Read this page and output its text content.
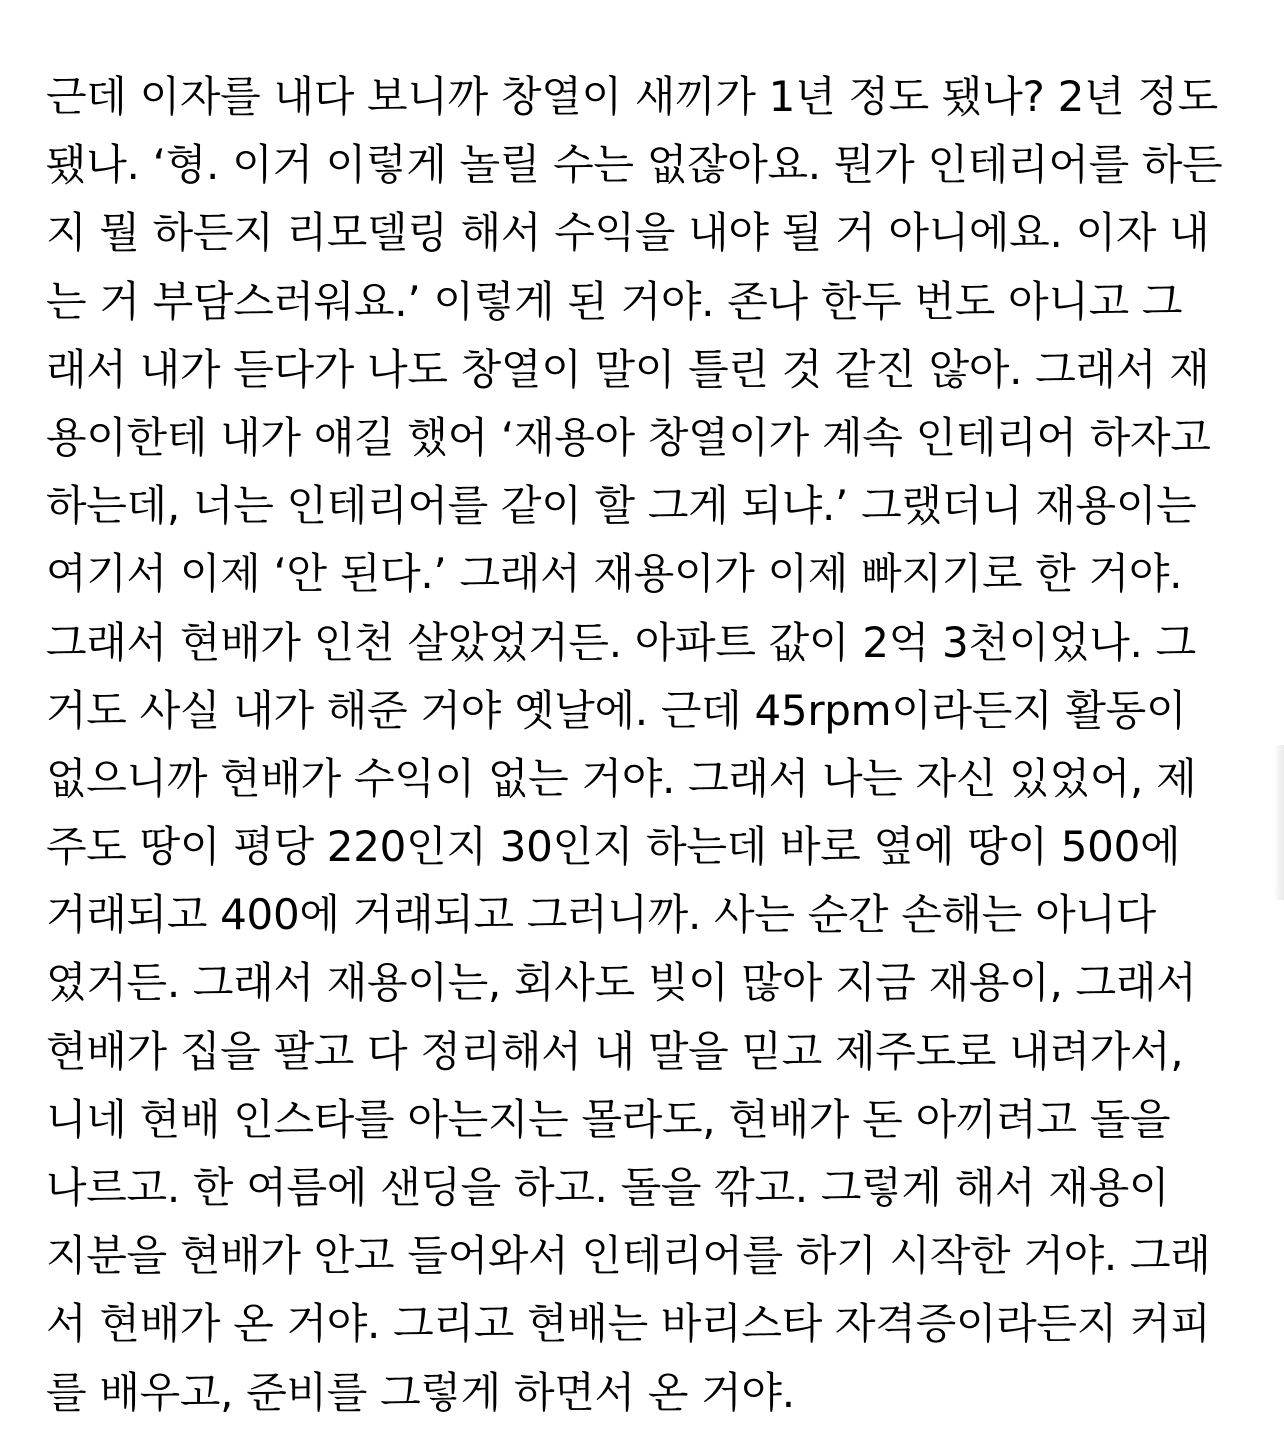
근데 이자를 내다 보니까 창열이 새끼가 1년 정도 됐나? 2년 정도
됐나. ‘형. 이거 이렇게 놀릴 수는 없잖아요. 뭔가 인테리어를 하든
지 뭘 하든지 리모델링 해서 수익을 내야 될 거 아니에요. 이자 내
는 거 부담스러워요.’ 이렇게 된 거야. 존나 한두 번도 아니고 그
래서 내가 듣다가 나도 창열이 말이 틀린 것 같진 않아. 그래서 재
용이한테 내가 얘길 했어 ‘재용아 창열이가 계속 인테리어 하자고
하는데, 너는 인테리어를 같이 할 그게 되냐.’ 그랬더니 재용이는
여기서 이제 ‘안 된다.’ 그래서 재용이가 이제 빠지기로 한 거야.
그래서 현배가 인천 살았었거든. 아파트 값이 2억 3천이었나. 그
거도 사실 내가 해준 거야 옛날에. 근데 45rpm이라든지 활동이
없으니까 현배가 수익이 없는 거야. 그래서 나는 자신 있었어, 제
주도 땅이 평당 220인지 30인지 하는데 바로 옆에 땅이 500에
거래되고 400에 거래되고 그러니까. 사는 순간 손해는 아니다
였거든. 그래서 재용이는, 회사도 빚이 많아 지금 재용이, 그래서
현배가 집을 팔고 다 정리해서 내 말을 믿고 제주도로 내려가서,
니네 현배 인스타를 아는지는 몰라도, 현배가 돈 아끼려고 돌을
나르고. 한 여름에 샌딩을 하고. 돌을 깎고. 그렇게 해서 재용이
지분을 현배가 안고 들어와서 인테리어를 하기 시작한 거야. 그래
서 현배가 온 거야. 그리고 현배는 바리스타 자격증이라든지 커피
를 배우고, 준비를 그렇게 하면서 온 거야.
